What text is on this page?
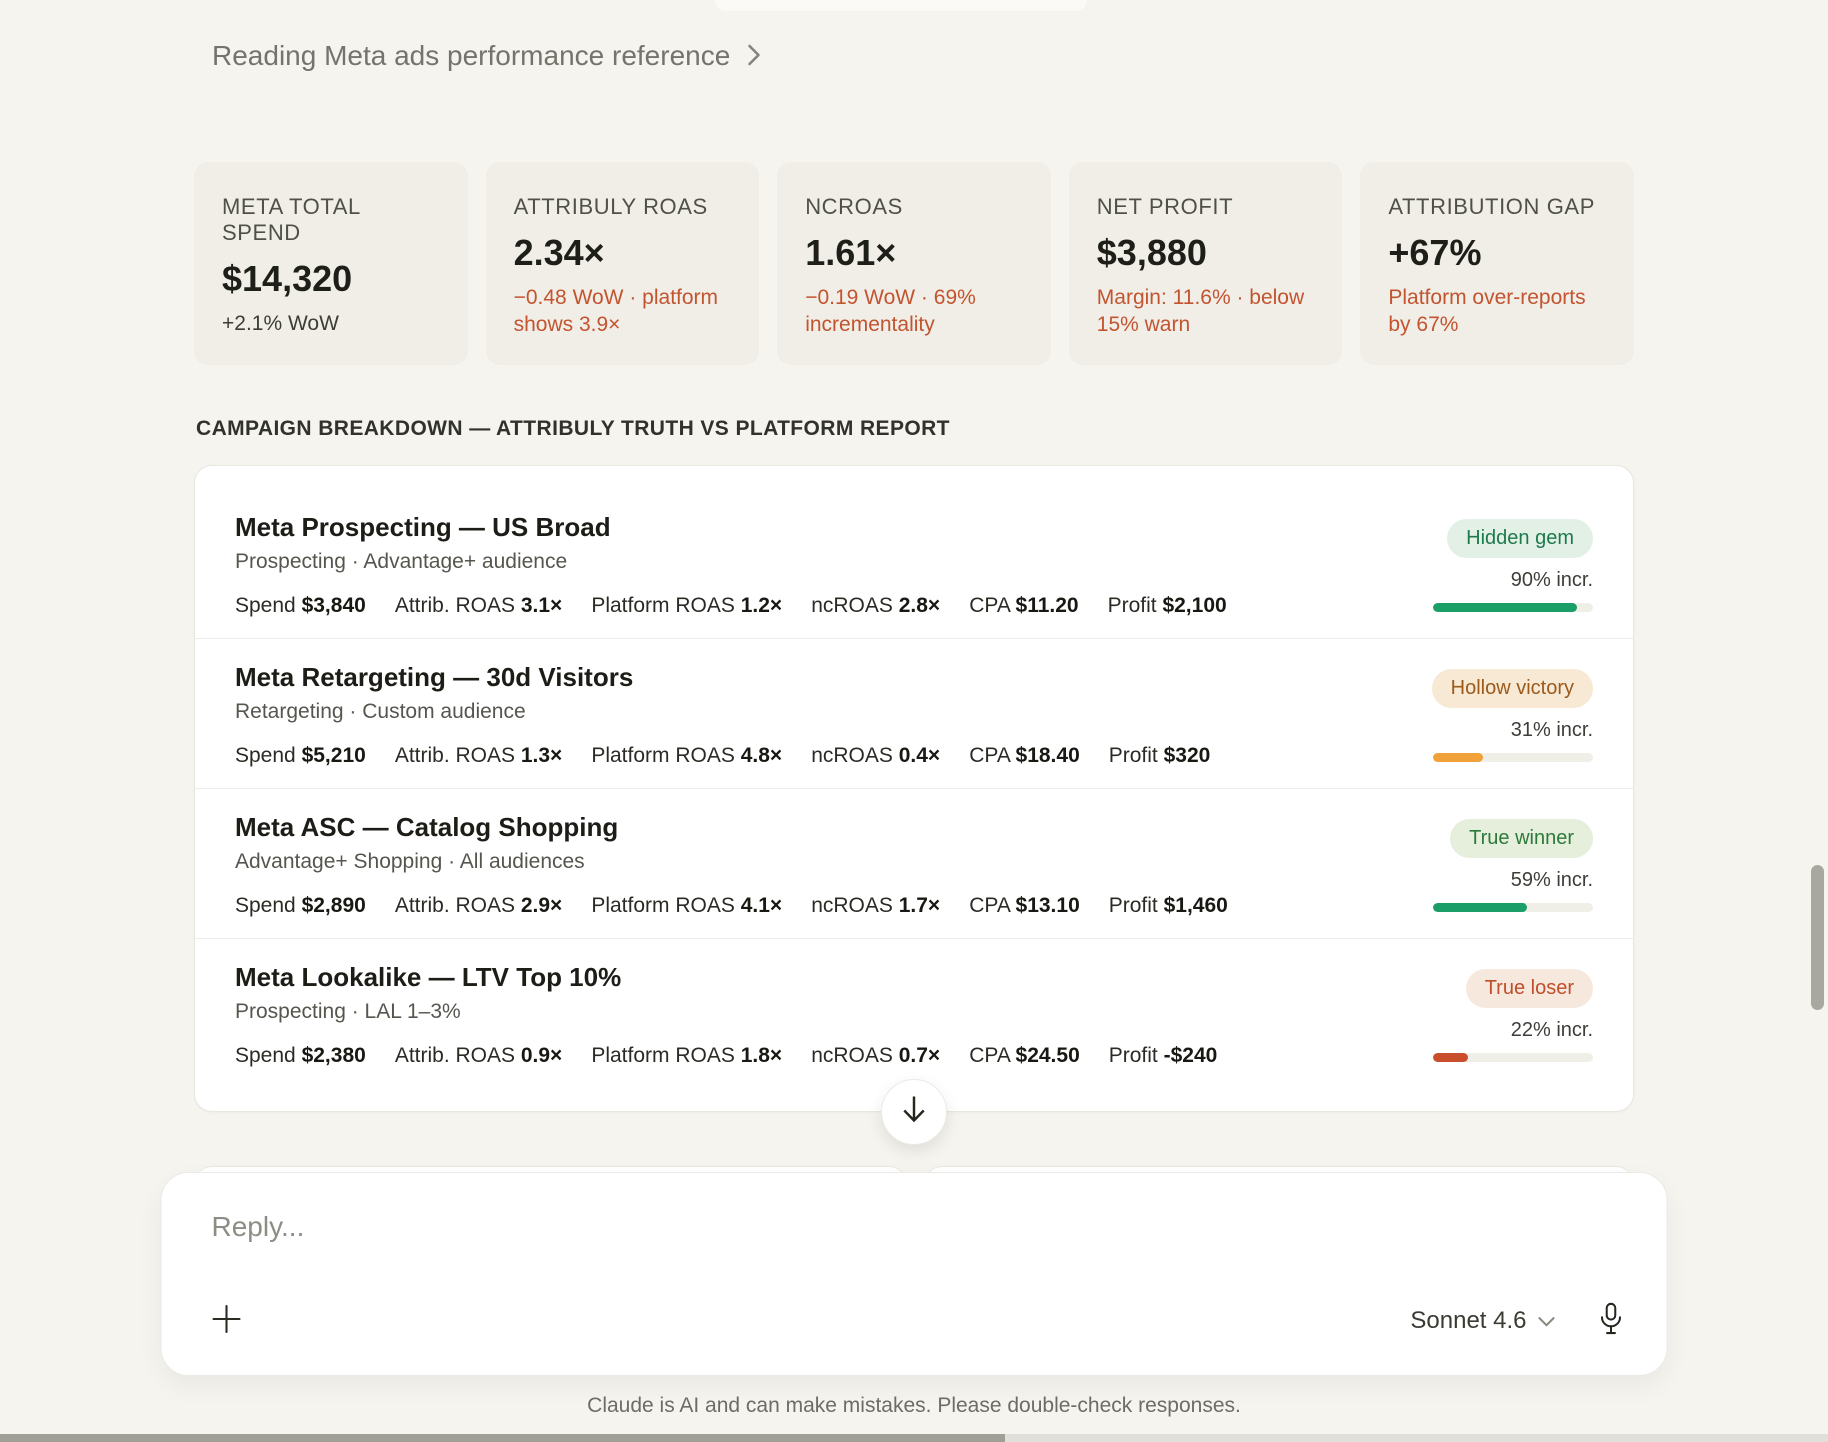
Reading Meta ads performance reference
META TOTAL SPEND
$14,320
+2.1% WoW
ATTRIBULY ROAS
2.34×
−0.48 WoW · platform shows 3.9×
NCROAS
1.61×
−0.19 WoW · 69% incrementality
NET PROFIT
$3,880
Margin: 11.6% · below 15% warn
ATTRIBUTION GAP
+67%
Platform over-reports by 67%
CAMPAIGN BREAKDOWN — ATTRIBULY TRUTH VS PLATFORM REPORT
Meta Prospecting — US Broad
Prospecting · Advantage+ audience
Spend $3,840 Attrib. ROAS 3.1× Platform ROAS 1.2× ncROAS 2.8× CPA $11.20 Profit $2,100
Hidden gem
90% incr.
Meta Retargeting — 30d Visitors
Retargeting · Custom audience
Spend $5,210 Attrib. ROAS 1.3× Platform ROAS 4.8× ncROAS 0.4× CPA $18.40 Profit $320
Hollow victory
31% incr.
Meta ASC — Catalog Shopping
Advantage+ Shopping · All audiences
Spend $2,890 Attrib. ROAS 2.9× Platform ROAS 4.1× ncROAS 1.7× CPA $13.10 Profit $1,460
True winner
59% incr.
Meta Lookalike — LTV Top 10%
Prospecting · LAL 1–3%
Spend $2,380 Attrib. ROAS 0.9× Platform ROAS 1.8× ncROAS 0.7× CPA $24.50 Profit -$240
True loser
22% incr.
Reply...
Sonnet 4.6
Claude is AI and can make mistakes. Please double-check responses.
